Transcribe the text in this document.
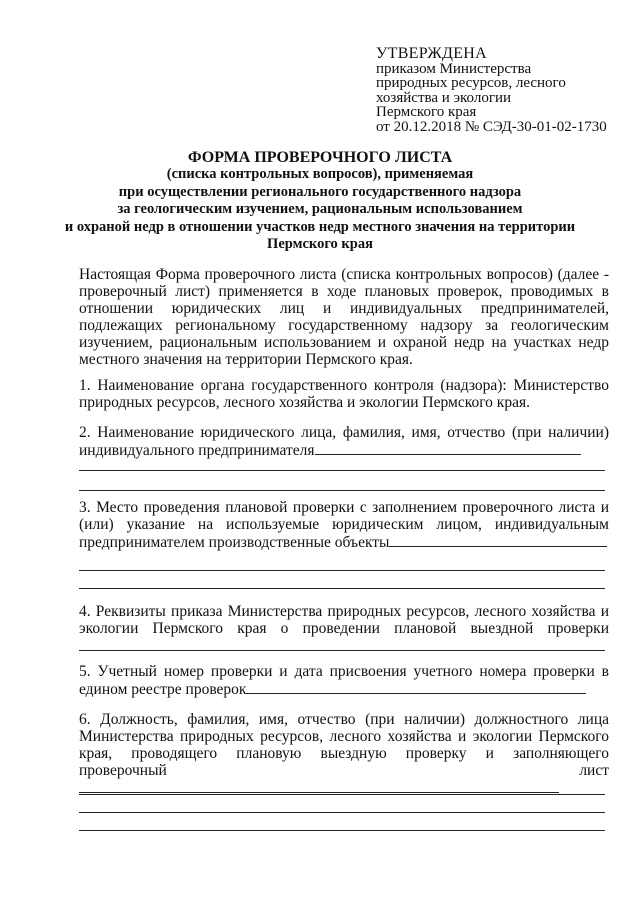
УТВЕРЖДЕНА
приказом Министерства
природных ресурсов, лесного
хозяйства и экологии
Пермского края
от 20.12.2018 № СЭД-30-01-02-1730
ФОРМА ПРОВЕРОЧНОГО ЛИСТА
(списка контрольных вопросов), применяемая
при осуществлении регионального государственного надзора
за геологическим изучением, рациональным использованием
и охраной недр в отношении участков недр местного значения на территории
Пермского края
Настоящая Форма проверочного листа (списка контрольных вопросов) (далее - проверочный лист) применяется в ходе плановых проверок, проводимых в отношении юридических лиц и индивидуальных предпринимателей, подлежащих региональному государственному надзору за геологическим изучением, рациональным использованием и охраной недр на участках недр местного значения на территории Пермского края.
1. Наименование органа государственного контроля (надзора): Министерство природных ресурсов, лесного хозяйства и экологии Пермского края.
2. Наименование юридического лица, фамилия, имя, отчество (при наличии) индивидуального предпринимателя
3. Место проведения плановой проверки с заполнением проверочного листа и (или) указание на используемые юридическим лицом, индивидуальным предпринимателем производственные объекты
4. Реквизиты приказа Министерства природных ресурсов, лесного хозяйства и экологии Пермского края о проведении плановой выездной проверки
5. Учетный номер проверки и дата присвоения учетного номера проверки в едином реестре проверок
6. Должность, фамилия, имя, отчество (при наличии) должностного лица Министерства природных ресурсов, лесного хозяйства и экологии Пермского края, проводящего плановую выездную проверку и заполняющего проверочный лист
